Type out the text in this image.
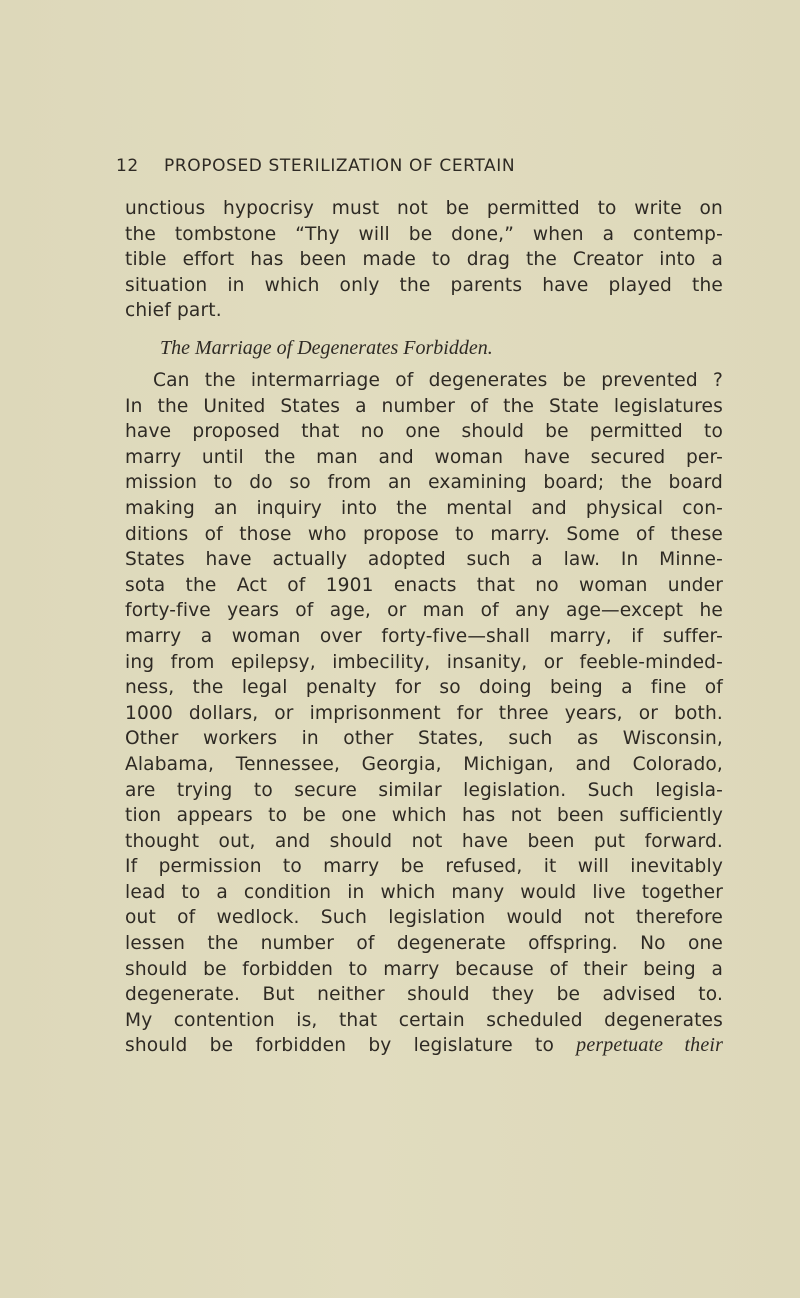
12 PROPOSED STERILIZATION OF CERTAIN
unctious hypocrisy must not be permitted to write on
the tombstone “Thy will be done,” when a contemp-
tible effort has been made to drag the Creator into a
situation in which only the parents have played the
chief part.
The Marriage of Degenerates Forbidden.
Can the intermarriage of degenerates be prevented ?
In the United States a number of the State legislatures
have proposed that no one should be permitted to
marry until the man and woman have secured per-
mission to do so from an examining board; the board
making an inquiry into the mental and physical con-
ditions of those who propose to marry. Some of these
States have actually adopted such a law. In Minne-
sota the Act of 1901 enacts that no woman under
forty-five years of age, or man of any age—except he
marry a woman over forty-five—shall marry, if suffer-
ing from epilepsy, imbecility, insanity, or feeble-minded-
ness, the legal penalty for so doing being a fine of
1000 dollars, or imprisonment for three years, or both.
Other workers in other States, such as Wisconsin,
Alabama, Tennessee, Georgia, Michigan, and Colorado,
are trying to secure similar legislation. Such legisla-
tion appears to be one which has not been sufficiently
thought out, and should not have been put forward.
If permission to marry be refused, it will inevitably
lead to a condition in which many would live together
out of wedlock. Such legislation would not therefore
lessen the number of degenerate offspring. No one
should be forbidden to marry because of their being a
degenerate. But neither should they be advised to.
My contention is, that certain scheduled degenerates
should be forbidden by legislature to perpetuate their
